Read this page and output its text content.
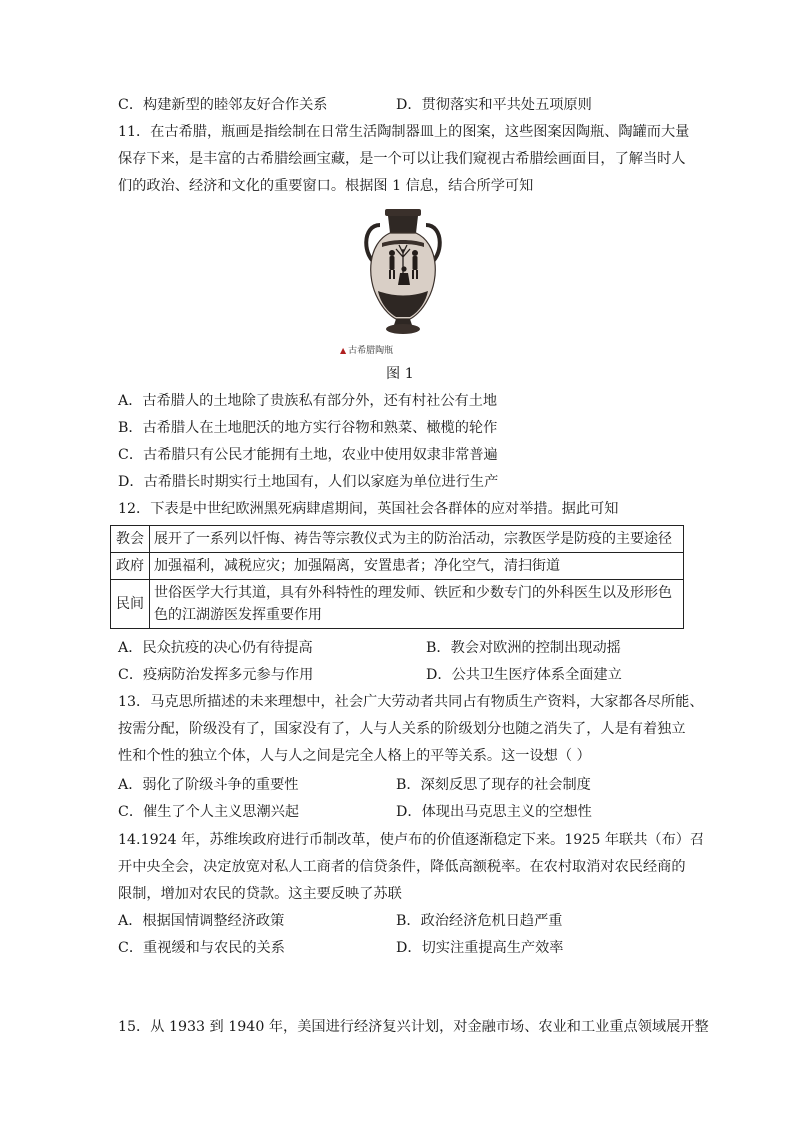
C．构建新型的睦邻友好合作关系	D．贯彻落实和平共处五项原则
11．在古希腊，瓶画是指绘制在日常生活陶制器皿上的图案，这些图案因陶瓶、陶罐而大量
保存下来，是丰富的古希腊绘画宝藏，是一个可以让我们窥视古希腊绘画面目，了解当时人
们的政治、经济和文化的重要窗口。根据图 1 信息，结合所学可知
▲ 古希腊陶瓶
图 1
A．古希腊人的土地除了贵族私有部分外，还有村社公有土地
B．古希腊人在土地肥沃的地方实行谷物和熟菜、橄榄的轮作
C．古希腊只有公民才能拥有土地，农业中使用奴隶非常普遍
D．古希腊长时期实行土地国有，人们以家庭为单位进行生产
12．下表是中世纪欧洲黑死病肆虐期间，英国社会各群体的应对举措。据此可知
教会	展开了一系列以忏悔、祷告等宗教仪式为主的防治活动，宗教医学是防疫的主要途径
政府	加强福利，减税应灾；加强隔离，安置患者；净化空气，清扫街道
民间	世俗医学大行其道，具有外科特性的理发师、铁匠和少数专门的外科医生以及形形色色的江湖游医发挥重要作用
A．民众抗疫的决心仍有待提高	B．教会对欧洲的控制出现动摇
C．疫病防治发挥多元参与作用	D．公共卫生医疗体系全面建立
13．马克思所描述的未来理想中，社会广大劳动者共同占有物质生产资料，大家都各尽所能、
按需分配，阶级没有了，国家没有了，人与人关系的阶级划分也随之消失了，人是有着独立
性和个性的独立个体，人与人之间是完全人格上的平等关系。这一设想（ ）
A．弱化了阶级斗争的重要性	B．深刻反思了现存的社会制度
C．催生了个人主义思潮兴起	D．体现出马克思主义的空想性
14.1924 年，苏维埃政府进行币制改革，使卢布的价值逐渐稳定下来。1925 年联共（布）召
开中央全会，决定放宽对私人工商者的信贷条件，降低高额税率。在农村取消对农民经商的
限制，增加对农民的贷款。这主要反映了苏联
A．根据国情调整经济政策	B．政治经济危机日趋严重
C．重视缓和与农民的关系	D．切实注重提高生产效率
15．从 1933 到 1940 年，美国进行经济复兴计划，对金融市场、农业和工业重点领域展开整
